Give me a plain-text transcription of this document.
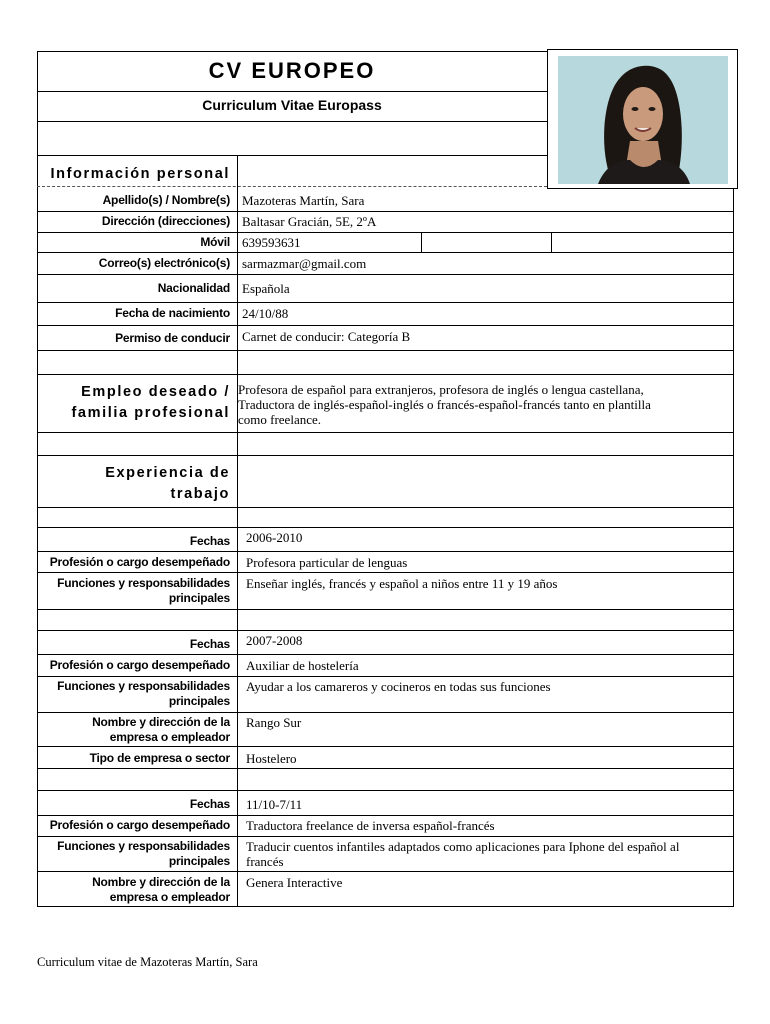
CV EUROPEO
Curriculum Vitae Europass
Información personal
Apellido(s) / Nombre(s) Mazoteras Martín, Sara
Dirección (direcciones) Baltasar Gracián, 5E, 2ºA
Móvil 639593631
Correo(s) electrónico(s) sarmazmar@gmail.com
Nacionalidad Española
Fecha de nacimiento 24/10/88
Permiso de conducir Carnet de conducir: Categoría B
Empleo deseado /
familia profesional
Profesora de español para extranjeros, profesora de inglés o lengua castellana,
Traductora de inglés-español-inglés o francés-español-francés tanto en plantilla
como freelance.
Experiencia de
trabajo
Fechas 2006-2010
Profesión o cargo desempeñado Profesora particular de lenguas
Funciones y responsabilidades
principales
Enseñar inglés, francés y español a niños entre 11 y 19 años
Fechas 2007-2008
Profesión o cargo desempeñado Auxiliar de hostelería
Funciones y responsabilidades
principales
Ayudar a los camareros y cocineros en todas sus funciones
Nombre y dirección de la
empresa o empleador
Rango Sur
Tipo de empresa o sector Hostelero
Fechas 11/10-7/11
Profesión o cargo desempeñado Traductora freelance de inversa español-francés
Funciones y responsabilidades
principales
Traducir cuentos infantiles adaptados como aplicaciones para Iphone del español al
francés
Nombre y dirección de la
empresa o empleador
Genera Interactive
Curriculum vitae de Mazoteras Martín, Sara
